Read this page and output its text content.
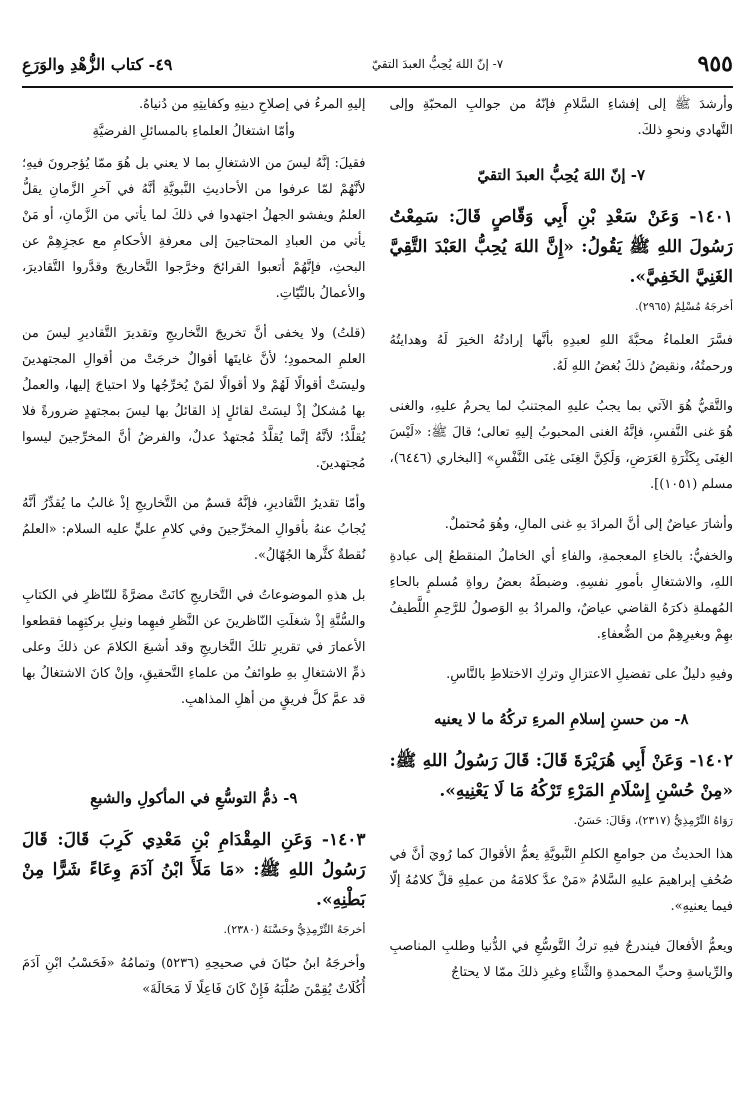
٩٥٥
٧- إنّ اللهَ يُحِبُّ العبدَ التقيّ
٤٩- كتاب الزُّهْدِ والوَرَعِ

وأرشدَ ﷺ إلى إفشاءِ السَّلامِ فإنّهُ من جوالبِ المحبّةِ وإلى التَّهادي ونحوِ ذلكَ.

٧- إنّ اللهَ يُحِبُّ العبدَ التقيّ
١٤٠١- وَعَنْ سَعْدِ بْنِ أَبِي وَقّاصٍ قَالَ: سَمِعْتُ رَسُولَ اللهِ ﷺ يَقُولُ: «إِنَّ اللهَ يُحِبُّ العَبْدَ التَّقِيَّ الغَنِيَّ الخَفِيَّ».
أخرجَهُ مُسْلِمٌ (٢٩٦٥).

فسَّرَ العلماءُ محبَّةَ اللهِ لعبدِهِ بأنَّها إرادتُهُ الخيرَ لَهُ وهدايتُهُ ورحمتُهُ، ونقيضُ ذلكَ بُغضُ اللهِ لَهُ.

والتَّقيُّ هُوَ الآتي بما يجبُ عليهِ المجتنبُ لما يحرمُ عليهِ، والغنى هُوَ غنى النَّفسِ، فإنَّهُ الغنى المحبوبُ إليهِ تعالى؛ قالَ ﷺ: «لَيْسَ الغِنَى بِكَثْرَةِ العَرَضِ، وَلَكِنَّ الغِنَى غِنَى النَّفْسِ» [البخاري (٦٤٤٦)، مسلم (١٠٥١)].

وأشارَ عياضٌ إلى أنَّ المرادَ بهِ غنى المالِ، وهُوَ مُحتملٌ.

والخفيُّ: بالخاءِ المعجمةِ، والفاءِ أي الخاملُ المنقطعُ إلى عبادةِ اللهِ، والاشتغالِ بأمورِ نفسِهِ. وضبطَهُ بعضُ رواةِ مُسلمٍ بالحاءِ المُهملةِ ذكرَهُ القاضي عياضٌ، والمرادُ بهِ الوَصولُ للرَّحِمِ اللَّطيفُ بهِمْ وبغيرِهِمْ من الضُّعفاءِ.

وفيهِ دليلٌ على تفضيلِ الاعتزالِ وتركِ الاختلاطِ بالنَّاسِ.

٨- من حسنِ إسلامِ المرءِ تركُهُ ما لا يعنيه
١٤٠٢- وَعَنْ أَبِي هُرَيْرَةَ قَالَ: قَالَ رَسُولُ اللهِ ﷺ: «مِنْ حُسْنِ إِسْلَامِ المَرْءِ تَرْكُهُ مَا لَا يَعْنِيهِ».
رَوَاهُ التِّرْمِذِيُّ (٢٣١٧)، وَقَالَ: حَسَنٌ.

هذا الحديثُ من جوامعِ الكلمِ النَّبويَّةِ يعمُّ الأقوالَ كما رُويَ أنَّ في صُحُفِ إبراهيمَ عليهِ السَّلامُ «مَنْ عدَّ كلامَهُ من عملِهِ قلَّ كلامُهُ إلّا فيما يعنيهِ».

ويعمُّ الأفعالَ فيندرجُ فيهِ تركُ التَّوسُّعِ في الدُّنيا وطلبِ المناصبِ والرِّياسةِ وحبِّ المحمدةِ والثَّناءِ وغيرِ ذلكَ ممّا لا يحتاجُ

إليهِ المرءُ في إصلاحِ دينِهِ وكفايتِهِ من دُنياهُ.

وأمّا اشتغالُ العلماءِ بالمسائلِ الفرضيَّةِ

فقيلَ: إنَّهُ ليسَ من الاشتغالِ بما لا يعني بل هُوَ ممّا يُؤجرونَ فيهِ؛ لأنَّهُمْ لمّا عرفوا من الأحاديثِ النَّبويَّةِ أنَّهُ في آخرِ الزَّمانِ يقلُّ العلمُ ويفشو الجهلُ اجتهدوا في ذلكَ لما يأتي من الزَّمانِ، أو مَنْ يأتي من العبادِ المحتاجينَ إلى معرفةِ الأحكامِ مع عجزِهِمْ عن البحثِ، فإنَّهُمْ أتعبوا القرائحَ وخرَّجوا التَّخاريجَ وقدَّروا التَّقاديرَ، والأعمالُ بالنِّيّاتِ.

(قلتُ) ولا يخفى أنَّ تخريجَ التَّخاريجِ وتقديرَ التَّقاديرِ ليسَ من العلمِ المحمودِ؛ لأنَّ غايتَها أقوالٌ خرجَتْ من أقوالِ المجتهدينَ وليسَتْ أقوالًا لَهُمْ ولا أقوالًا لمَنْ يُخرِّجُها ولا احتياجَ إليها، والعملُ بها مُشكلٌ إذْ ليسَتْ لقائلٍ إذ القائلُ بها ليسَ بمجتهدٍ ضرورةً فلا يُقلَّدُ؛ لأنَّهُ إنَّما يُقلَّدُ مُجتهدٌ عدلٌ، والفرضُ أنَّ المخرِّجينَ ليسوا مُجتهدينَ.

وأمّا تقديرُ التَّقاديرِ، فإنَّهُ قسمٌ من التَّخاريجِ إذْ غالبُ ما يُقدِّرُ أنَّهُ يُجابُ عنهُ بأقوالِ المخرِّجينَ وفي كلامِ عليٍّ عليه السلام: «العلمُ نُقطةٌ كثَّرها الجُهّالُ».

بل هذهِ الموضوعاتُ في التَّخاريجِ كانَتْ مضرَّةً للنّاظرِ في الكتابِ والسُّنَّةِ إذْ شغلَتِ النّاظرينَ عن النَّظرِ فيهِما ونيلِ بركتِهِما فقطعوا الأعمارَ في تقريرِ تلكَ التَّخاريجِ وقد أشبعَ الكلامَ عن ذلكَ وعلى ذمِّ الاشتغالِ بهِ طوائفُ من علماءِ التَّحقيقِ، وإنْ كانَ الاشتغالُ بها قد عمَّ كلَّ فريقٍ من أهلِ المذاهبِ.

٩- ذمُّ التوسُّعِ في المأكولِ والشبعِ
١٤٠٣- وَعَنِ المِقْدَامِ بْنِ مَعْدِي كَرِبَ قَالَ: قَالَ رَسُولُ اللهِ ﷺ: «مَا مَلَأَ ابْنُ آدَمَ وِعَاءً شَرًّا مِنْ بَطْنِهِ».
أخرجَهُ التِّرْمِذِيُّ وحَسَّنَهُ (٢٣٨٠).

وأخرجَهُ ابنُ حبّانَ في صحيحِهِ (٥٢٣٦) وتمامُهُ «فَحَسْبُ ابْنِ آدَمَ أُكُلَاتٌ يُقِمْنَ صُلْبَهُ فَإِنْ كَانَ فَاعِلًا لَا مَحَالَةَ»
